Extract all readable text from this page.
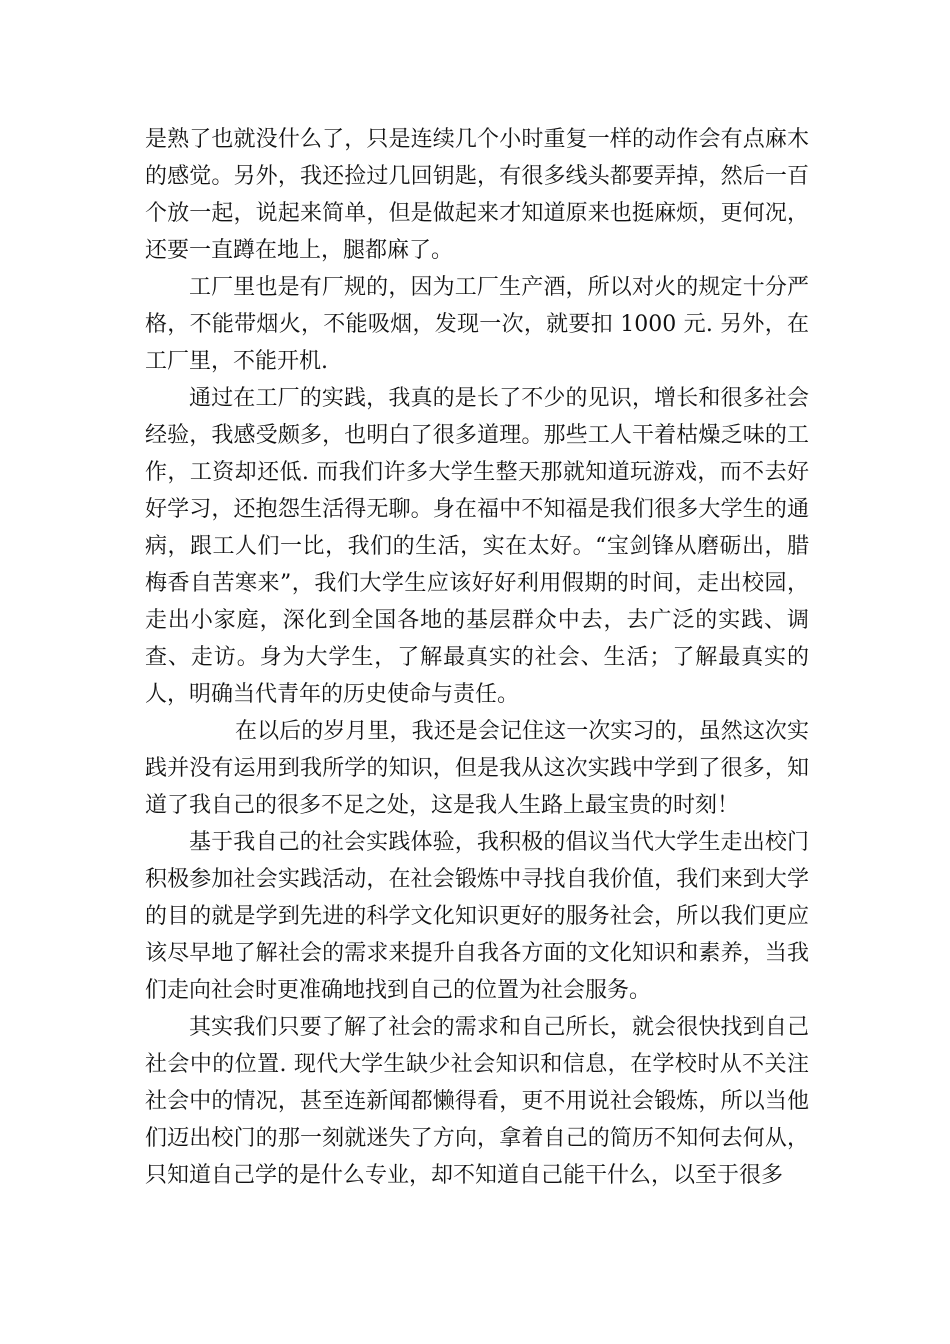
是熟了也就没什么了，只是连续几个小时重复一样的动作会有点麻木的感觉。另外，我还捡过几回钥匙，有很多线头都要弄掉，然后一百个放一起，说起来简单，但是做起来才知道原来也挺麻烦，更何况，还要一直蹲在地上，腿都麻了。

工厂里也是有厂规的，因为工厂生产酒，所以对火的规定十分严格，不能带烟火，不能吸烟，发现一次，就要扣 1000 元. 另外，在工厂里，不能开机.

通过在工厂的实践，我真的是长了不少的见识，增长和很多社会经验，我感受颇多，也明白了很多道理。那些工人干着枯燥乏味的工作，工资却还低. 而我们许多大学生整天那就知道玩游戏，而不去好好学习，还抱怨生活得无聊。身在福中不知福是我们很多大学生的通病，跟工人们一比，我们的生活，实在太好。“宝剑锋从磨砺出，腊梅香自苦寒来”，我们大学生应该好好利用假期的时间，走出校园，走出小家庭，深化到全国各地的基层群众中去，去广泛的实践、调查、走访。身为大学生，了解最真实的社会、生活；了解最真实的人，明确当代青年的历史使命与责任。

在以后的岁月里，我还是会记住这一次实习的，虽然这次实践并没有运用到我所学的知识，但是我从这次实践中学到了很多，知道了我自己的很多不足之处，这是我人生路上最宝贵的时刻！

基于我自己的社会实践体验，我积极的倡议当代大学生走出校门积极参加社会实践活动，在社会锻炼中寻找自我价值，我们来到大学的目的就是学到先进的科学文化知识更好的服务社会，所以我们更应该尽早地了解社会的需求来提升自我各方面的文化知识和素养，当我们走向社会时更准确地找到自己的位置为社会服务。

其实我们只要了解了社会的需求和自己所长，就会很快找到自己社会中的位置. 现代大学生缺少社会知识和信息，在学校时从不关注社会中的情况，甚至连新闻都懒得看，更不用说社会锻炼，所以当他们迈出校门的那一刻就迷失了方向，拿着自己的简历不知何去何从，只知道自己学的是什么专业，却不知道自己能干什么，以至于很多
